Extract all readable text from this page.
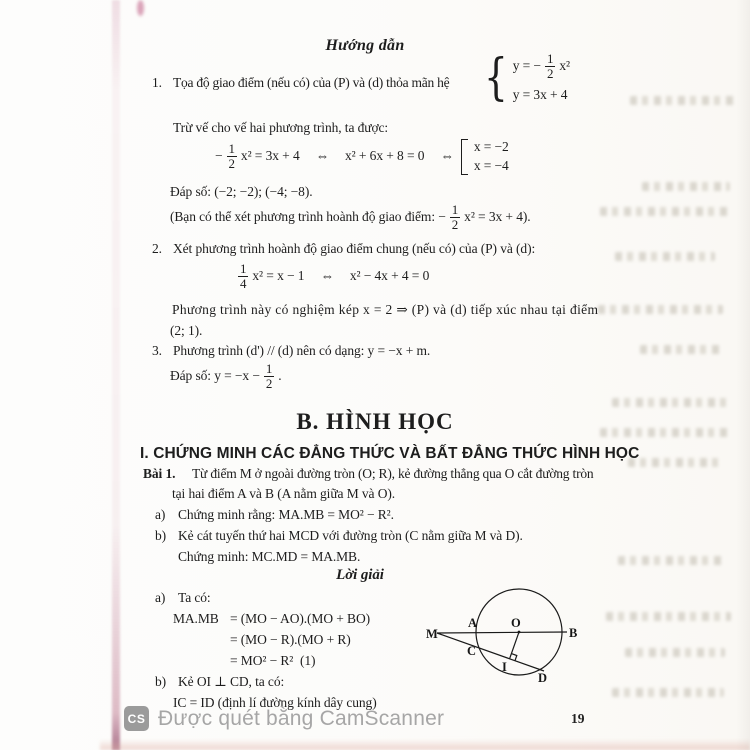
Hướng dẫn
1. Tọa độ giao điểm (nếu có) của (P) và (d) thỏa mãn hệ { y = − $\frac{1}{2} x^2$
y = 3x + 4
Trừ vế cho vế hai phương trình, ta được:
− $\frac{1}{2} x^2 = 3x + 4$ ⇔ x² + 6x + 8 = 0 ⇔
x = −2
x = −4
Đáp số: (−2; −2); (−4; −8).
(Bạn có thể xét phương trình hoành độ giao điểm: − $\frac{1}{2} x^2 = 3x + 4$).
2. Xét phương trình hoành độ giao điểm chung (nếu có) của (P) và (d):
$\frac{1}{4} x^2 = x - 1$ ⇔ x² − 4x + 4 = 0
Phương trình này có nghiệm kép x = 2 ⇒ (P) và (d) tiếp xúc nhau tại điểm
(2; 1).
3. Phương trình (d') // (d) nên có dạng: y = −x + m.
Đáp số: $y = -x - \frac{1}{2}$ .
B. HÌNH HỌC
I. CHỨNG MINH CÁC ĐẲNG THỨC VÀ BẤT ĐẲNG THỨC HÌNH HỌC
Bài 1. Từ điểm M ở ngoài đường tròn (O; R), kẻ đường thẳng qua O cắt đường tròn
tại hai điểm A và B (A nằm giữa M và O).
a) Chứng minh rằng: MA.MB = MO² − R².
b) Kẻ cát tuyến thứ hai MCD với đường tròn (C nằm giữa M và D).
Chứng minh: MC.MD = MA.MB.
Lời giải
a) Ta có:
MA.MB = (MO − AO).(MO + BO)
= (MO − R).(MO + R)
= MO² − R² (1)
b) Kẻ OI ⊥ CD, ta có:
IC = ID (định lí đường kính dây cung)
M
A	O
B
C
I
D
CS Được quét bằng CamScanner	19
